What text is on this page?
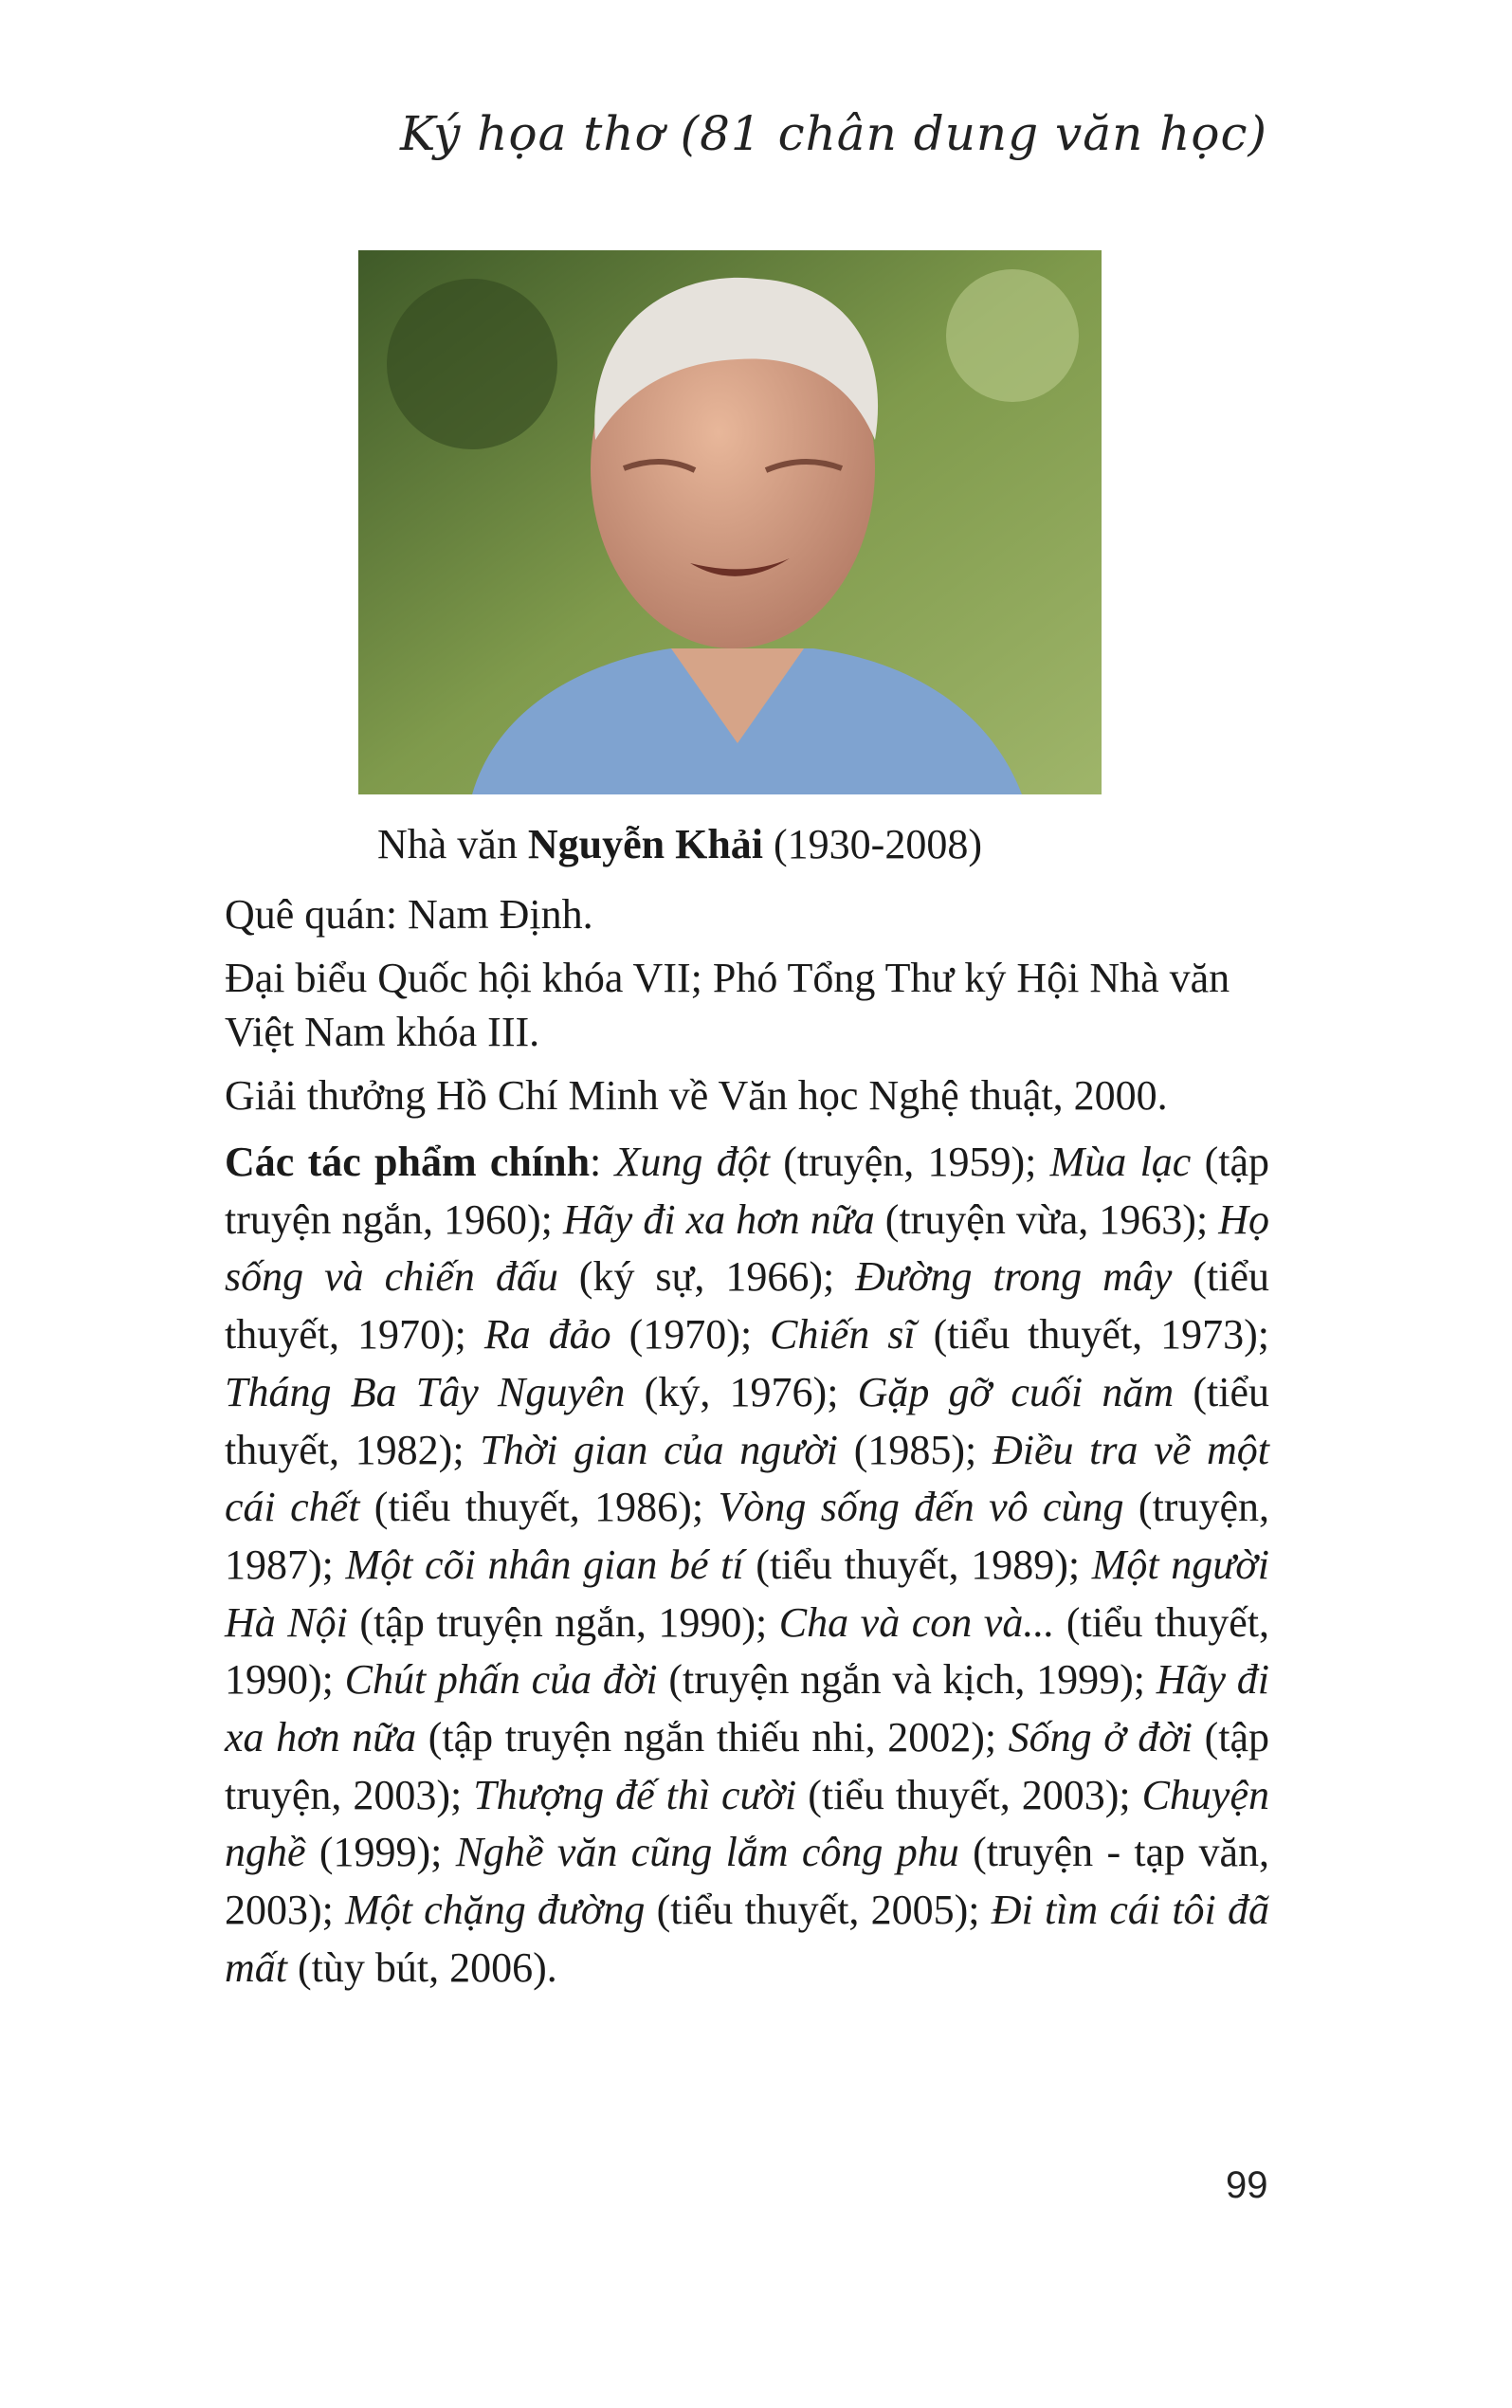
Ký họa thơ (81 chân dung văn học)
Nhà văn Nguyễn Khải (1930-2008)
Quê quán: Nam Định.
Đại biểu Quốc hội khóa VII; Phó Tổng Thư ký Hội Nhà văn Việt Nam khóa III.
Giải thưởng Hồ Chí Minh về Văn học Nghệ thuật, 2000.
Các tác phẩm chính: Xung đột (truyện, 1959); Mùa lạc (tập truyện ngắn, 1960); Hãy đi xa hơn nữa (truyện vừa, 1963); Họ sống và chiến đấu (ký sự, 1966); Đường trong mây (tiểu thuyết, 1970); Ra đảo (1970); Chiến sĩ (tiểu thuyết, 1973); Tháng Ba Tây Nguyên (ký, 1976); Gặp gỡ cuối năm (tiểu thuyết, 1982); Thời gian của người (1985); Điều tra về một cái chết (tiểu thuyết, 1986); Vòng sống đến vô cùng (truyện, 1987); Một cõi nhân gian bé tí (tiểu thuyết, 1989); Một người Hà Nội (tập truyện ngắn, 1990); Cha và con và... (tiểu thuyết, 1990); Chút phấn của đời (truyện ngắn và kịch, 1999); Hãy đi xa hơn nữa (tập truyện ngắn thiếu nhi, 2002); Sống ở đời (tập truyện, 2003); Thượng đế thì cười (tiểu thuyết, 2003); Chuyện nghề (1999); Nghề văn cũng lắm công phu (truyện - tạp văn, 2003); Một chặng đường (tiểu thuyết, 2005); Đi tìm cái tôi đã mất (tùy bút, 2006).
99
